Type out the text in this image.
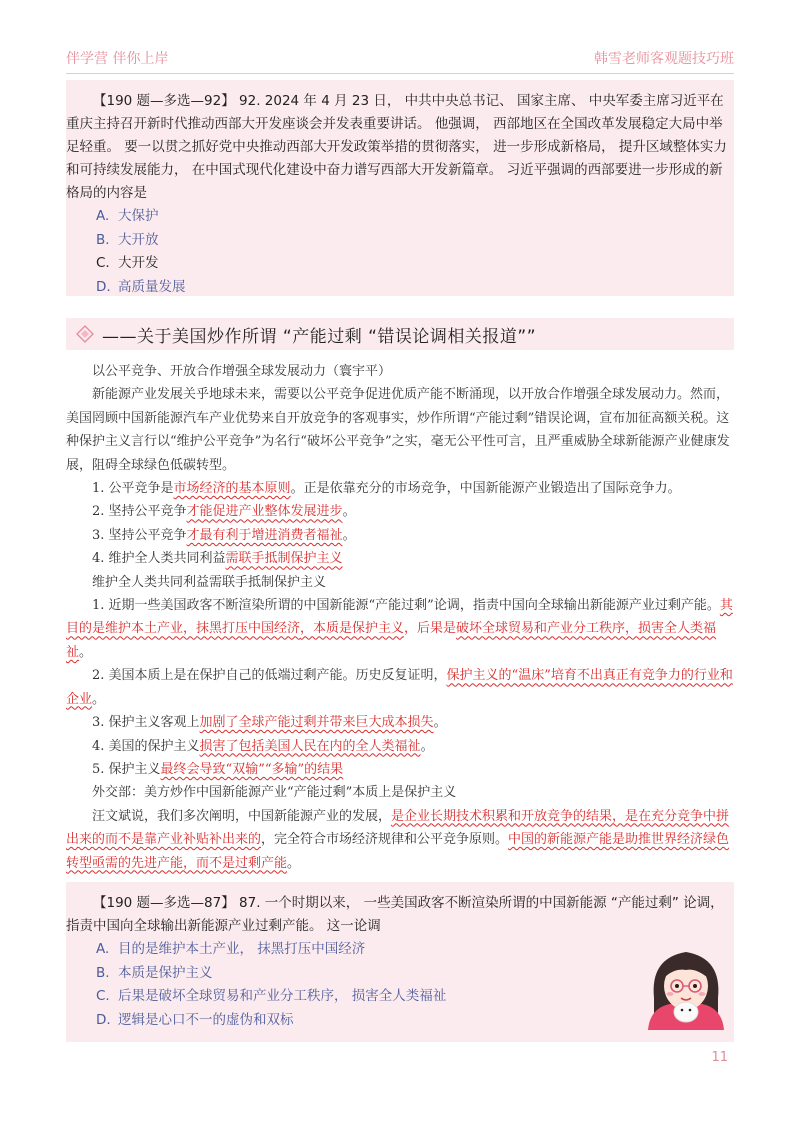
伴学营 伴你上岸	韩雪老师客观题技巧班

【190 题—多选—92】 92. 2024 年 4 月 23 日， 中共中央总书记、 国家主席、 中央军委主席习近平在重庆主持召开新时代推动西部大开发座谈会并发表重要讲话。 他强调， 西部地区在全国改革发展稳定大局中举足轻重。 要一以贯之抓好党中央推动西部大开发政策举措的贯彻落实， 进一步形成新格局， 提升区域整体实力和可持续发展能力， 在中国式现代化建设中奋力谱写西部大开发新篇章。 习近平强调的西部要进一步形成的新格局的内容是

A. 大保护
B. 大开放
C. 大开发
D. 高质量发展
——关于美国炒作所谓 “产能过剩 “错误论调相关报道””

以公平竞争、开放合作增强全球发展动力（寰宇平）

新能源产业发展关乎地球未来，需要以公平竞争促进优质产能不断涌现，以开放合作增强全球发展动力。然而，美国罔顾中国新能源汽车产业优势来自开放竞争的客观事实，炒作所谓“产能过剩”错误论调，宣布加征高额关税。这种保护主义言行以“维护公平竞争”为名行“破坏公平竞争”之实，毫无公平性可言，且严重威胁全球新能源产业健康发展，阻碍全球绿色低碳转型。

1. 公平竞争是市场经济的基本原则。正是依靠充分的市场竞争，中国新能源产业锻造出了国际竞争力。

2. 坚持公平竞争才能促进产业整体发展进步。

3. 坚持公平竞争才最有利于增进消费者福祉。

4. 维护全人类共同利益需联手抵制保护主义

维护全人类共同利益需联手抵制保护主义

1. 近期一些美国政客不断渲染所谓的中国新能源“产能过剩”论调，指责中国向全球输出新能源产业过剩产能。其目的是维护本土产业，抹黑打压中国经济，本质是保护主义，后果是破坏全球贸易和产业分工秩序，损害全人类福祉。

2. 美国本质上是在保护自己的低端过剩产能。历史反复证明，保护主义的“温床”培育不出真正有竞争力的行业和企业。

3. 保护主义客观上加剧了全球产能过剩并带来巨大成本损失。

4. 美国的保护主义损害了包括美国人民在内的全人类福祉。

5. 保护主义最终会导致“双输”“多输”的结果

外交部：美方炒作中国新能源产业“产能过剩”本质上是保护主义

汪文斌说，我们多次阐明，中国新能源产业的发展，是企业长期技术积累和开放竞争的结果，是在充分竞争中拼出来的而不是靠产业补贴补出来的，完全符合市场经济规律和公平竞争原则。中国的新能源产能是助推世界经济绿色转型亟需的先进产能，而不是过剩产能。

【190 题—多选—87】 87. 一个时期以来， 一些美国政客不断渲染所谓的中国新能源 “产能过剩” 论调， 指责中国向全球输出新能源产业过剩产能。 这一论调

A. 目的是维护本土产业， 抹黑打压中国经济
B. 本质是保护主义
C. 后果是破坏全球贸易和产业分工秩序， 损害全人类福祉
D. 逻辑是心口不一的虚伪和双标
11
